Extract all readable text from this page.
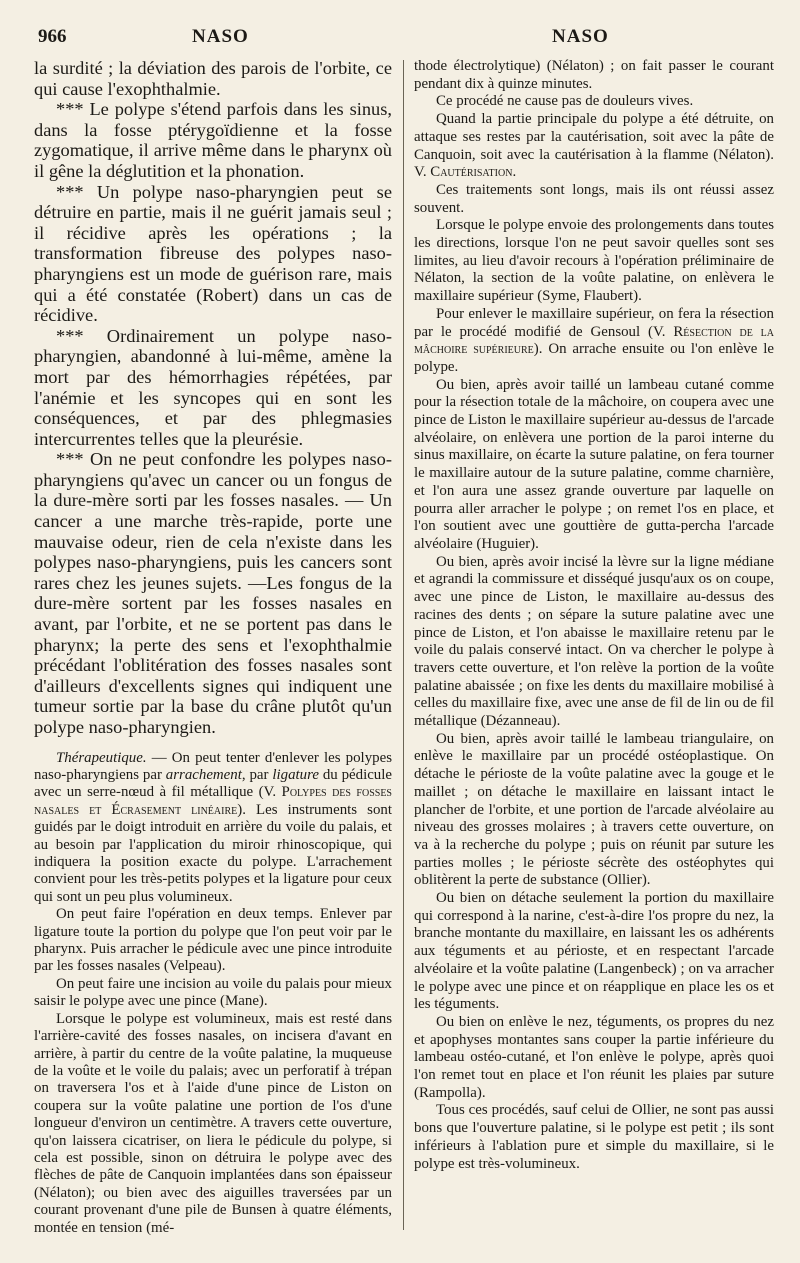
966	NASO	NASO

la surdité ; la déviation des parois de l'orbite, ce qui cause l'exophthalmie.

*** Le polype s'étend parfois dans les sinus, dans la fosse ptérygoïdienne et la fosse zygomatique, il arrive même dans le pharynx où il gêne la déglutition et la phonation.

*** Un polype naso-pharyngien peut se détruire en partie, mais il ne guérit jamais seul ; il récidive après les opérations ; la transformation fibreuse des polypes naso-pharyngiens est un mode de guérison rare, mais qui a été constatée (Robert) dans un cas de récidive.

*** Ordinairement un polype naso-pharyngien, abandonné à lui-même, amène la mort par des hémorrhagies répétées, par l'anémie et les syncopes qui en sont les conséquences, et par des phlegmasies intercurrentes telles que la pleurésie.

*** On ne peut confondre les polypes naso-pharyngiens qu'avec un cancer ou un fongus de la dure-mère sorti par les fosses nasales. — Un cancer a une marche très-rapide, porte une mauvaise odeur, rien de cela n'existe dans les polypes naso-pharyngiens, puis les cancers sont rares chez les jeunes sujets. —Les fongus de la dure-mère sortent par les fosses nasales en avant, par l'orbite, et ne se portent pas dans le pharynx; la perte des sens et l'exophthalmie précédant l'oblitération des fosses nasales sont d'ailleurs d'excellents signes qui indiquent une tumeur sortie par la base du crâne plutôt qu'un polype naso-pharyngien.

Thérapeutique. — On peut tenter d'enlever les polypes naso-pharyngiens par arrachement, par ligature du pédicule avec un serre-nœud à fil métallique (V. Polypes des fosses nasales et Écrasement linéaire). Les instruments sont guidés par le doigt introduit en arrière du voile du palais, et au besoin par l'application du miroir rhinoscopique, qui indiquera la position exacte du polype. L'arrachement convient pour les très-petits polypes et la ligature pour ceux qui sont un peu plus volumineux.

On peut faire l'opération en deux temps. Enlever par ligature toute la portion du polype que l'on peut voir par le pharynx. Puis arracher le pédicule avec une pince introduite par les fosses nasales (Velpeau).

On peut faire une incision au voile du palais pour mieux saisir le polype avec une pince (Mane).

Lorsque le polype est volumineux, mais est resté dans l'arrière-cavité des fosses nasales, on incisera d'avant en arrière, à partir du centre de la voûte palatine, la muqueuse de la voûte et le voile du palais; avec un perforatif à trépan on traversera l'os et à l'aide d'une pince de Liston on coupera sur la voûte palatine une portion de l'os d'une longueur d'environ un centimètre. A travers cette ouverture, qu'on laissera cicatriser, on liera le pédicule du polype, si cela est possible, sinon on détruira le polype avec des flèches de pâte de Canquoin implantées dans son épaisseur (Nélaton); ou bien avec des aiguilles traversées par un courant provenant d'une pile de Bunsen à quatre éléments, montée en tension (mé-

thode électrolytique) (Nélaton) ; on fait passer le courant pendant dix à quinze minutes.

Ce procédé ne cause pas de douleurs vives.

Quand la partie principale du polype a été détruite, on attaque ses restes par la cautérisation, soit avec la pâte de Canquoin, soit avec la cautérisation à la flamme (Nélaton). V. Cautérisation.

Ces traitements sont longs, mais ils ont réussi assez souvent.

Lorsque le polype envoie des prolongements dans toutes les directions, lorsque l'on ne peut savoir quelles sont ses limites, au lieu d'avoir recours à l'opération préliminaire de Nélaton, la section de la voûte palatine, on enlèvera le maxillaire supérieur (Syme, Flaubert).

Pour enlever le maxillaire supérieur, on fera la résection par le procédé modifié de Gensoul (V. Résection de la mâchoire supérieure). On arrache ensuite ou l'on enlève le polype.

Ou bien, après avoir taillé un lambeau cutané comme pour la résection totale de la mâchoire, on coupera avec une pince de Liston le maxillaire supérieur au-dessus de l'arcade alvéolaire, on enlèvera une portion de la paroi interne du sinus maxillaire, on écarte la suture palatine, on fera tourner le maxillaire autour de la suture palatine, comme charnière, et l'on aura une assez grande ouverture par laquelle on pourra aller arracher le polype ; on remet l'os en place, et l'on soutient avec une gouttière de gutta-percha l'arcade alvéolaire (Huguier).

Ou bien, après avoir incisé la lèvre sur la ligne médiane et agrandi la commissure et disséqué jusqu'aux os on coupe, avec une pince de Liston, le maxillaire au-dessus des racines des dents ; on sépare la suture palatine avec une pince de Liston, et l'on abaisse le maxillaire retenu par le voile du palais conservé intact. On va chercher le polype à travers cette ouverture, et l'on relève la portion de la voûte palatine abaissée ; on fixe les dents du maxillaire mobilisé à celles du maxillaire fixe, avec une anse de fil de lin ou de fil métallique (Dézanneau).

Ou bien, après avoir taillé le lambeau triangulaire, on enlève le maxillaire par un procédé ostéoplastique. On détache le périoste de la voûte palatine avec la gouge et le maillet ; on détache le maxillaire en laissant intact le plancher de l'orbite, et une portion de l'arcade alvéolaire au niveau des grosses molaires ; à travers cette ouverture, on va à la recherche du polype ; puis on réunit par suture les parties molles ; le périoste sécrète des ostéophytes qui oblitèrent la perte de substance (Ollier).

Ou bien on détache seulement la portion du maxillaire qui correspond à la narine, c'est-à-dire l'os propre du nez, la branche montante du maxillaire, en laissant les os adhérents aux téguments et au périoste, et en respectant l'arcade alvéolaire et la voûte palatine (Langenbeck) ; on va arracher le polype avec une pince et on réapplique en place les os et les téguments.

Ou bien on enlève le nez, téguments, os propres du nez et apophyses montantes sans couper la partie inférieure du lambeau ostéo-cutané, et l'on enlève le polype, après quoi l'on remet tout en place et l'on réunit les plaies par suture (Rampolla).

Tous ces procédés, sauf celui de Ollier, ne sont pas aussi bons que l'ouverture palatine, si le polype est petit ; ils sont inférieurs à l'ablation pure et simple du maxillaire, si le polype est très-volumineux.
